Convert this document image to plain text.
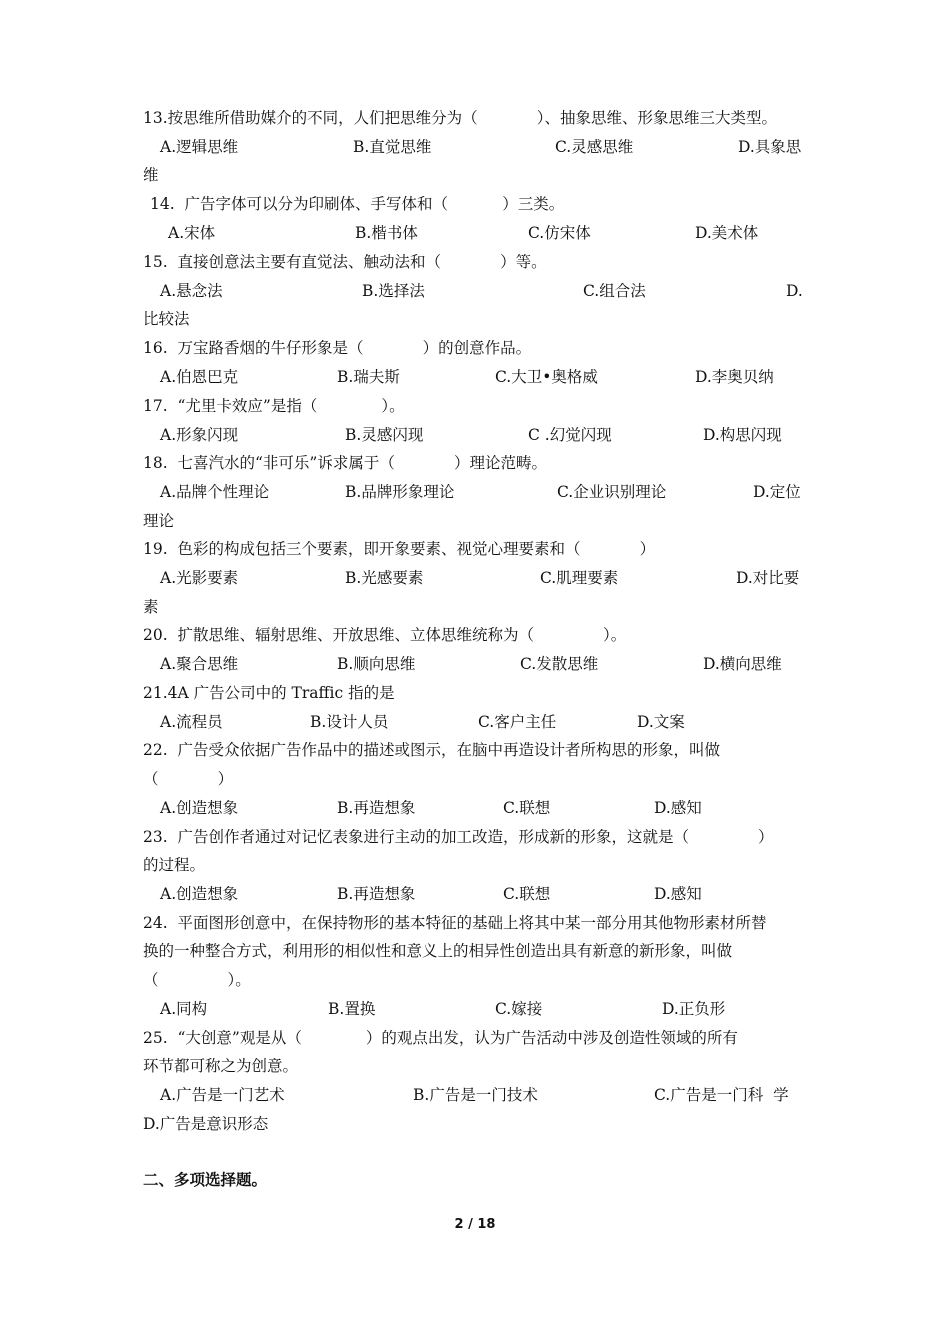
13.按思维所借助媒介的不同，人们把思维分为（            ）、抽象思维、形象思维三大类型。
A.逻辑思维	B.直觉思维	C.灵感思维	D.具象思
维
14.  广告字体可以分为印刷体、手写体和（           ）三类。
A.宋体	B.楷书体	C.仿宋体	D.美术体
15.  直接创意法主要有直觉法、触动法和（            ）等。
A.悬念法	B.选择法	C.组合法	D.
比较法
16.  万宝路香烟的牛仔形象是（            ）的创意作品。
A.伯恩巴克	B.瑞夫斯	C.大卫•奥格威	D.李奥贝纳
17.  “尤里卡效应”是指（             ）。
A.形象闪现	B.灵感闪现	C .幻觉闪现	D.构思闪现
18.  七喜汽水的“非可乐”诉求属于（            ）理论范畴。
A.品牌个性理论	B.品牌形象理论	C.企业识别理论	D.定位
理论
19.  色彩的构成包括三个要素，即开象要素、视觉心理要素和（            ）
A.光影要素	B.光感要素	C.肌理要素	D.对比要
素
20.  扩散思维、辐射思维、开放思维、立体思维统称为（              ）。
A.聚合思维	B.顺向思维	C.发散思维	D.横向思维
21.4A 广告公司中的 Traffic 指的是
A.流程员	B.设计人员	C.客户主任	D.文案
22.  广告受众依据广告作品中的描述或图示，在脑中再造设计者所构思的形象，叫做
（            ）
A.创造想象	B.再造想象	C.联想	D.感知
23.  广告创作者通过对记忆表象进行主动的加工改造，形成新的形象，这就是（              ）
的过程。
A.创造想象	B.再造想象	C.联想	D.感知
24.  平面图形创意中，在保持物形的基本特征的基础上将其中某一部分用其他物形素材所替
换的一种整合方式，利用形的相似性和意义上的相异性创造出具有新意的新形象，叫做
（              ）。
A.同构	B.置换	C.嫁接	D.正负形
25.  “大创意”观是从（             ）的观点出发，认为广告活动中涉及创造性领域的所有
环节都可称之为创意。
A.广告是一门艺术	B.广告是一门技术	C.广告是一门科  学
D.广告是意识形态
二、多项选择题。
2 / 18
